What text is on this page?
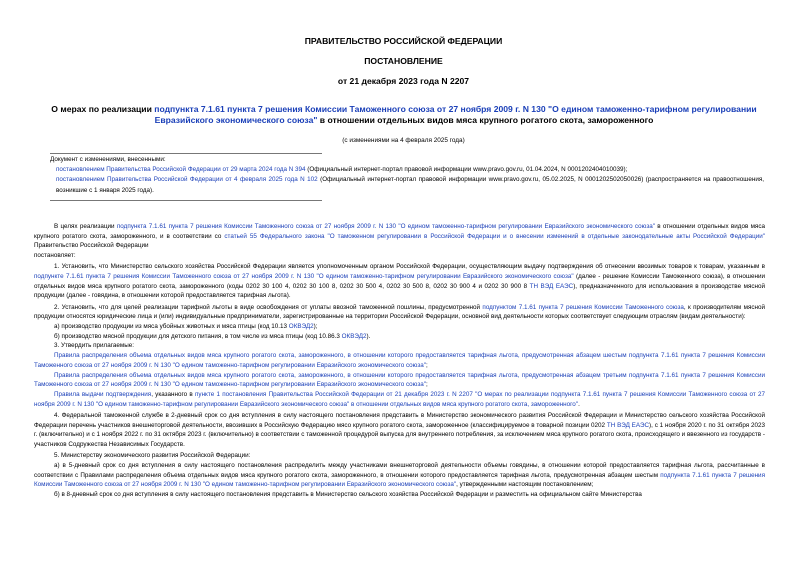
ПРАВИТЕЛЬСТВО РОССИЙСКОЙ ФЕДЕРАЦИИ
ПОСТАНОВЛЕНИЕ
от 21 декабря 2023 года N 2207
О мерах по реализации подпункта 7.1.61 пункта 7 решения Комиссии Таможенного союза от 27 ноября 2009 г. N 130 "О едином таможенно-тарифном регулировании Евразийского экономического союза" в отношении отдельных видов мяса крупного рогатого скота, замороженного
(с изменениями на 4 февраля 2025 года)

Документ с изменениями, внесенными:

постановлением Правительства Российской Федерации от 29 марта 2024 года N 394 (Официальный интернет-портал правовой информации www.pravo.gov.ru, 01.04.2024, N 0001202404010039);

постановлением Правительства Российской Федерации от 4 февраля 2025 года N 102 (Официальный интернет-портал правовой информации www.pravo.gov.ru, 05.02.2025, N 0001202502050026) (распространяется на правоотношения, возникшие с 1 января 2025 года).

В целях реализации подпункта 7.1.61 пункта 7 решения Комиссии Таможенного союза от 27 ноября 2009 г. N 130 "О едином таможенно-тарифном регулировании Евразийского экономического союза" в отношении отдельных видов мяса крупного рогатого скота, замороженного, и в соответствии со статьей 55 Федерального закона "О таможенном регулировании в Российской Федерации и о внесении изменений в отдельные законодательные акты Российской Федерации" Правительство Российской Федерации

постановляет:

1. Установить, что Министерство сельского хозяйства Российской Федерации является уполномоченным органом Российской Федерации, осуществляющим выдачу подтверждения об отнесении ввозимых товаров к товарам, указанным в подпункте 7.1.61 пункта 7 решения Комиссии Таможенного союза от 27 ноября 2009 г. N 130 "О едином таможенно-тарифном регулировании Евразийского экономического союза" (далее - решение Комиссии Таможенного союза), в отношении отдельных видов мяса крупного рогатого скота, замороженного (коды 0202 30 100 4, 0202 30 100 8, 0202 30 500 4, 0202 30 500 8, 0202 30 900 4 и 0202 30 900 8 ТН ВЭД ЕАЭС), предназначенного для использования в производстве мясной продукции (далее - говядина, в отношении которой предоставляется тарифная льгота).

2. Установить, что для целей реализации тарифной льготы в виде освобождения от уплаты ввозной таможенной пошлины, предусмотренной подпунктом 7.1.61 пункта 7 решения Комиссии Таможенного союза, к производителям мясной продукции относятся юридические лица и (или) индивидуальные предприниматели, зарегистрированные на территории Российской Федерации, основной вид деятельности которых соответствует следующим отраслям (видам деятельности):

а) производство продукции из мяса убойных животных и мяса птицы (код 10.13 ОКВЭД2);

б) производство мясной продукции для детского питания, в том числе из мяса птицы (код 10.86.3 ОКВЭД2).

3. Утвердить прилагаемые:

Правила распределения объема отдельных видов мяса крупного рогатого скота, замороженного, в отношении которого предоставляется тарифная льгота, предусмотренная абзацем шестым подпункта 7.1.61 пункта 7 решения Комиссии Таможенного союза от 27 ноября 2009 г. N 130 "О едином таможенно-тарифном регулировании Евразийского экономического союза";

Правила распределения объема отдельных видов мяса крупного рогатого скота, замороженного, в отношении которого предоставляется тарифная льгота, предусмотренная абзацем третьим подпункта 7.1.61 пункта 7 решения Комиссии Таможенного союза от 27 ноября 2009 г. N 130 "О едином таможенно-тарифном регулировании Евразийского экономического союза";

Правила выдачи подтверждения, указанного в пункте 1 постановления Правительства Российской Федерации от 21 декабря 2023 г. N 2207 "О мерах по реализации подпункта 7.1.61 пункта 7 решения Комиссии Таможенного союза от 27 ноября 2009 г. N 130 "О едином таможенно-тарифном регулировании Евразийского экономического союза" в отношении отдельных видов мяса крупного рогатого скота, замороженного".

4. Федеральной таможенной службе в 2-дневный срок со дня вступления в силу настоящего постановления представить в Министерство экономического развития Российской Федерации и Министерство сельского хозяйства Российской Федерации перечень участников внешнеторговой деятельности, ввозивших в Российскую Федерацию мясо крупного рогатого скота, замороженное (классифицируемое в товарной позиции 0202 ТН ВЭД ЕАЭС), с 1 ноября 2020 г. по 31 октября 2023 г. (включительно) и с 1 ноября 2022 г. по 31 октября 2023 г. (включительно) в соответствии с таможенной процедурой выпуска для внутреннего потребления, за исключением мяса крупного рогатого скота, происходящего и ввезенного из государств - участников Содружества Независимых Государств.

5. Министерству экономического развития Российской Федерации:

а) в 5-дневный срок со дня вступления в силу настоящего постановления распределить между участниками внешнеторговой деятельности объемы говядины, в отношении которой предоставляется тарифная льгота, рассчитанные в соответствии с Правилами распределения объема отдельных видов мяса крупного рогатого скота, замороженного, в отношении которого предоставляется тарифная льгота, предусмотренная абзацем шестым подпункта 7.1.61 пункта 7 решения Комиссии Таможенного союза от 27 ноября 2009 г. N 130 "О едином таможенно-тарифном регулировании Евразийского экономического союза", утвержденными настоящим постановлением;

б) в 8-дневный срок со дня вступления в силу настоящего постановления представить в Министерство сельского хозяйства Российской Федерации и разместить на официальном сайте Министерства
